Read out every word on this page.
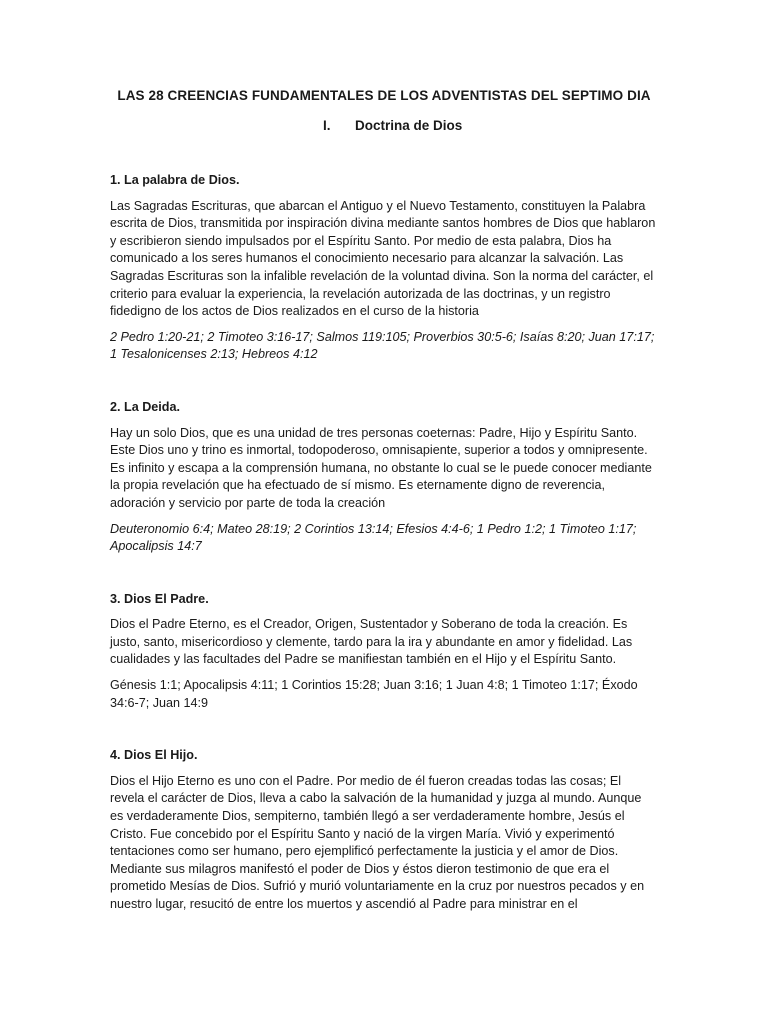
LAS 28 CREENCIAS FUNDAMENTALES DE LOS ADVENTISTAS DEL SEPTIMO DIA
I. Doctrina de Dios

1. La palabra de Dios.

Las Sagradas Escrituras, que abarcan el Antiguo y el Nuevo Testamento, constituyen la Palabra escrita de Dios, transmitida por inspiración divina mediante santos hombres de Dios que hablaron y escribieron siendo impulsados por el Espíritu Santo. Por medio de esta palabra, Dios ha comunicado a los seres humanos el conocimiento necesario para alcanzar la salvación. Las Sagradas Escrituras son la infalible revelación de la voluntad divina. Son la norma del carácter, el criterio para evaluar la experiencia, la revelación autorizada de las doctrinas, y un registro fidedigno de los actos de Dios realizados en el curso de la historia

2 Pedro 1:20-21; 2 Timoteo 3:16-17; Salmos 119:105; Proverbios 30:5-6; Isaías 8:20; Juan 17:17; 1 Tesalonicenses 2:13; Hebreos 4:12

2. La Deida.

Hay un solo Dios, que es una unidad de tres personas coeternas: Padre, Hijo y Espíritu Santo. Este Dios uno y trino es inmortal, todopoderoso, omnisapiente, superior a todos y omnipresente. Es infinito y escapa a la comprensión humana, no obstante lo cual se le puede conocer mediante la propia revelación que ha efectuado de sí mismo. Es eternamente digno de reverencia, adoración y servicio por parte de toda la creación

Deuteronomio 6:4; Mateo 28:19; 2 Corintios 13:14; Efesios 4:4-6; 1 Pedro 1:2; 1 Timoteo 1:17; Apocalipsis 14:7

3. Dios El Padre.

Dios el Padre Eterno, es el Creador, Origen, Sustentador y Soberano de toda la creación. Es justo, santo, misericordioso y clemente, tardo para la ira y abundante en amor y fidelidad. Las cualidades y las facultades del Padre se manifiestan también en el Hijo y el Espíritu Santo.

Génesis 1:1; Apocalipsis 4:11; 1 Corintios 15:28; Juan 3:16; 1 Juan 4:8; 1 Timoteo 1:17; Éxodo 34:6-7; Juan 14:9

4. Dios El Hijo.

Dios el Hijo Eterno es uno con el Padre. Por medio de él fueron creadas todas las cosas; El revela el carácter de Dios, lleva a cabo la salvación de la humanidad y juzga al mundo. Aunque es verdaderamente Dios, sempiterno, también llegó a ser verdaderamente hombre, Jesús el Cristo. Fue concebido por el Espíritu Santo y nació de la virgen María. Vivió y experimentó tentaciones como ser humano, pero ejemplificó perfectamente la justicia y el amor de Dios. Mediante sus milagros manifestó el poder de Dios y éstos dieron testimonio de que era el prometido Mesías de Dios. Sufrió y murió voluntariamente en la cruz por nuestros pecados y en nuestro lugar, resucitó de entre los muertos y ascendió al Padre para ministrar en el
